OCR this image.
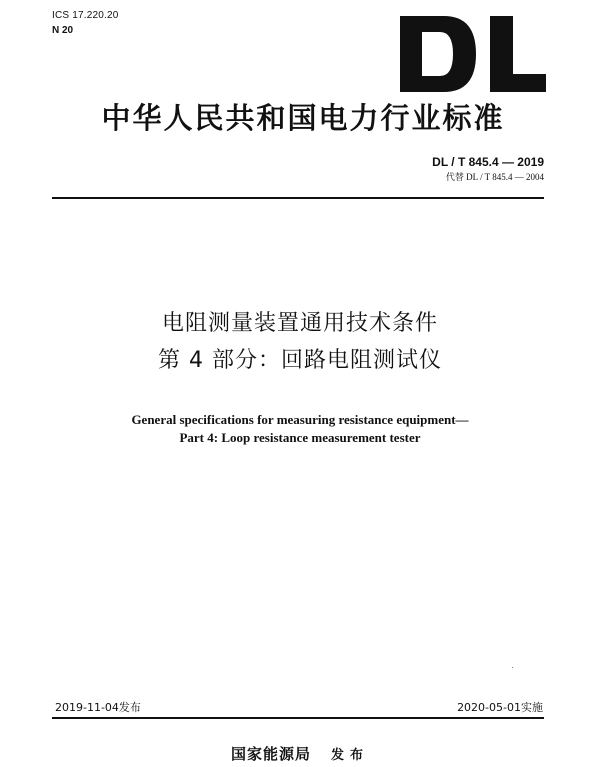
ICS 17.220.20
N 20
中华人民共和国电力行业标准
DL / T 845.4 — 2019
代替 DL / T 845.4 — 2004
电阻测量装置通用技术条件
第 4 部分：回路电阻测试仪
General specifications for measuring resistance equipment—
Part 4: Loop resistance measurement tester
2019-11-04发布	2020-05-01实施
国家能源局 发布
